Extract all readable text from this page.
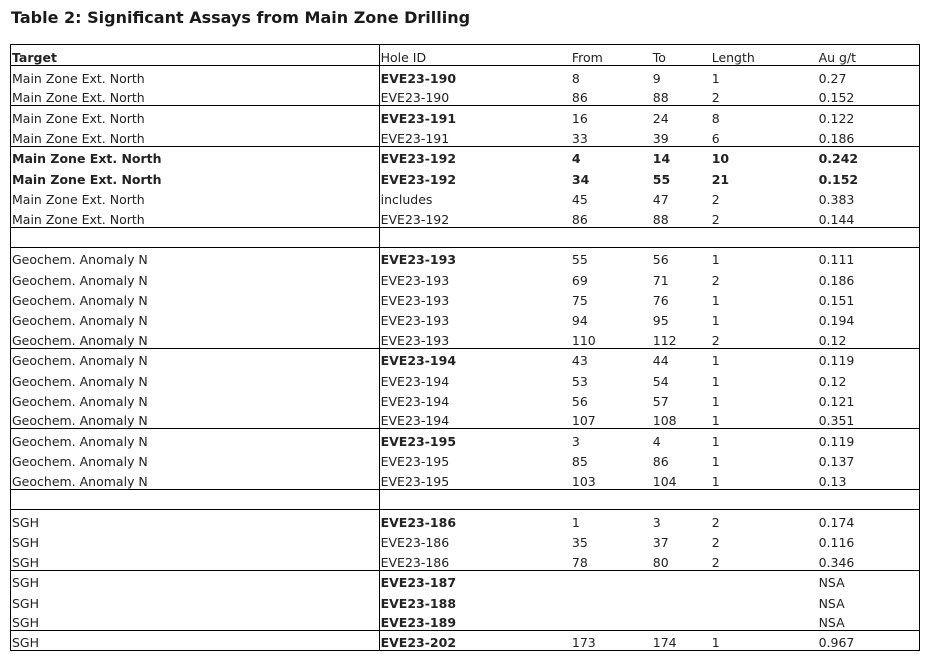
Table 2: Significant Assays from Main Zone Drilling
Target	Hole ID	From	To	Length	Au g/t
Main Zone Ext. North	EVE23-190	8	9	1	0.27
Main Zone Ext. North	EVE23-190	86	88	2	0.152
Main Zone Ext. North	EVE23-191	16	24	8	0.122
Main Zone Ext. North	EVE23-191	33	39	6	0.186
Main Zone Ext. North	EVE23-192	4	14	10	0.242
Main Zone Ext. North	EVE23-192	34	55	21	0.152
Main Zone Ext. North	includes	45	47	2	0.383
Main Zone Ext. North	EVE23-192	86	88	2	0.144

Geochem. Anomaly N	EVE23-193	55	56	1	0.111
Geochem. Anomaly N	EVE23-193	69	71	2	0.186
Geochem. Anomaly N	EVE23-193	75	76	1	0.151
Geochem. Anomaly N	EVE23-193	94	95	1	0.194
Geochem. Anomaly N	EVE23-193	110	112	2	0.12
Geochem. Anomaly N	EVE23-194	43	44	1	0.119
Geochem. Anomaly N	EVE23-194	53	54	1	0.12
Geochem. Anomaly N	EVE23-194	56	57	1	0.121
Geochem. Anomaly N	EVE23-194	107	108	1	0.351
Geochem. Anomaly N	EVE23-195	3	4	1	0.119
Geochem. Anomaly N	EVE23-195	85	86	1	0.137
Geochem. Anomaly N	EVE23-195	103	104	1	0.13

SGH	EVE23-186	1	3	2	0.174
SGH	EVE23-186	35	37	2	0.116
SGH	EVE23-186	78	80	2	0.346
SGH	EVE23-187				NSA
SGH	EVE23-188				NSA
SGH	EVE23-189				NSA
SGH	EVE23-202	173	174	1	0.967
